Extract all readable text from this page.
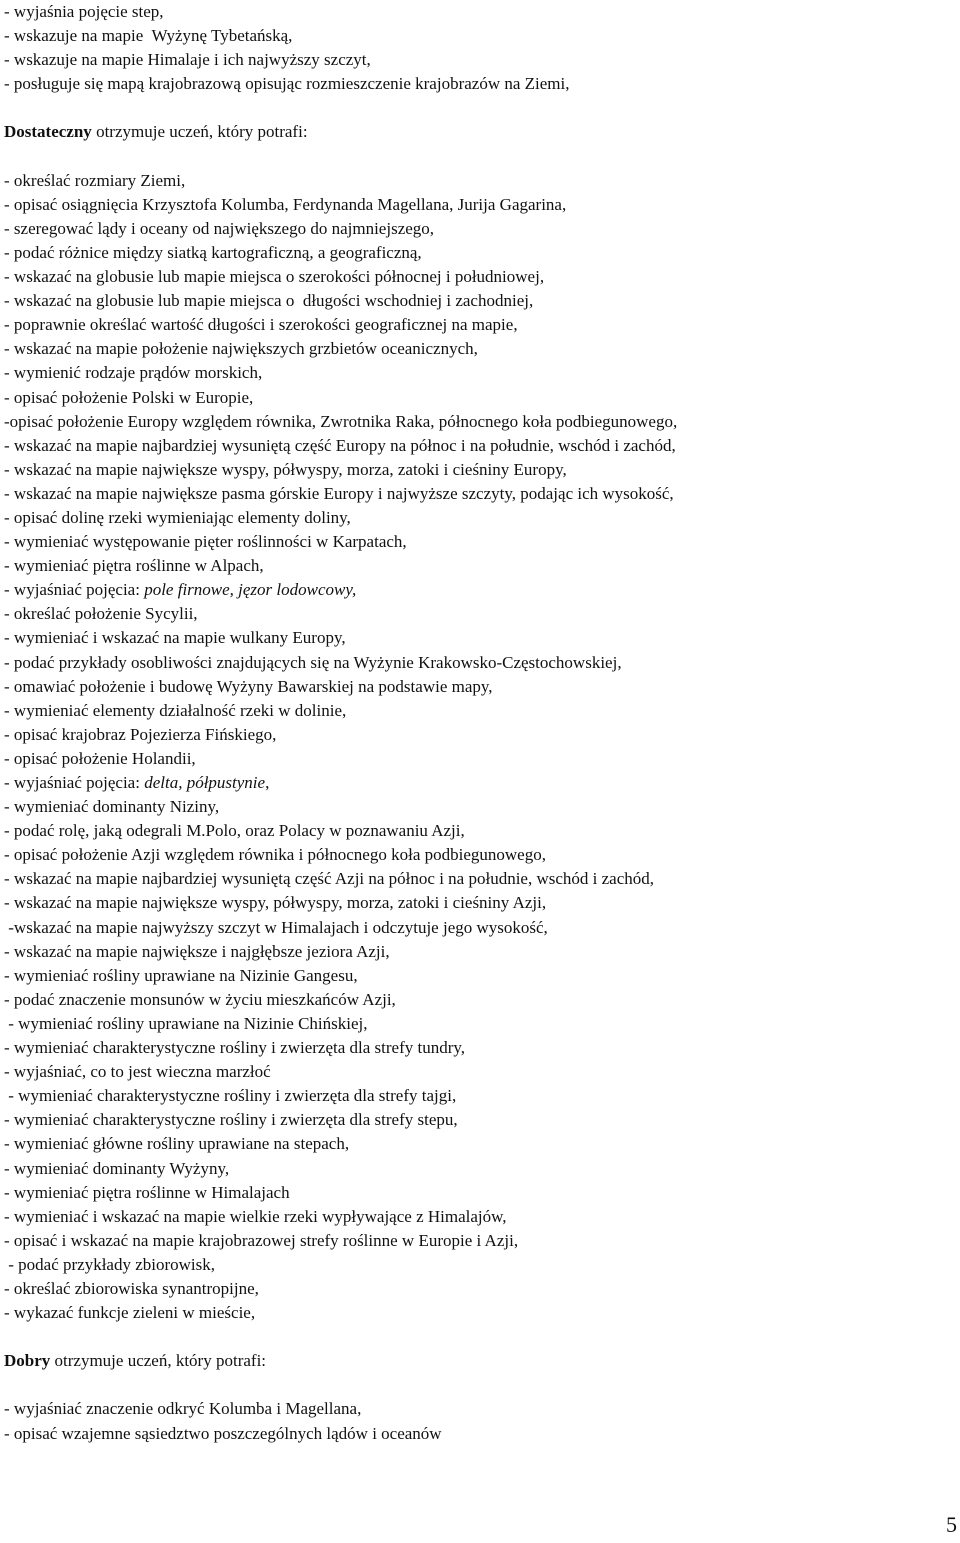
- wyjaśnia pojęcie step,
- wskazuje na mapie  Wyżynę Tybetańską,
- wskazuje na mapie Himalaje i ich najwyższy szczyt,
- posługuje się mapą krajobrazową opisując rozmieszczenie krajobrazów na Ziemi,
Dostateczny otrzymuje uczeń, który potrafi:
- określać rozmiary Ziemi,
- opisać osiągnięcia Krzysztofa Kolumba, Ferdynanda Magellana, Jurija Gagarina,
- szeregować lądy i oceany od największego do najmniejszego,
- podać różnice między siatką kartograficzną, a geograficzną,
- wskazać na globusie lub mapie miejsca o szerokości północnej i południowej,
- wskazać na globusie lub mapie miejsca o  długości wschodniej i zachodniej,
- poprawnie określać wartość długości i szerokości geograficznej na mapie,
- wskazać na mapie położenie największych grzbietów oceanicznych,
- wymienić rodzaje prądów morskich,
- opisać położenie Polski w Europie,
-opisać położenie Europy względem równika, Zwrotnika Raka, północnego koła podbiegunowego,
- wskazać na mapie najbardziej wysuniętą część Europy na północ i na południe, wschód i zachód,
- wskazać na mapie największe wyspy, półwyspy, morza, zatoki i cieśniny Europy,
- wskazać na mapie największe pasma górskie Europy i najwyższe szczyty, podając ich wysokość,
- opisać dolinę rzeki wymieniając elementy doliny,
- wymieniać występowanie pięter roślinności w Karpatach,
- wymieniać piętra roślinne w Alpach,
- wyjaśniać pojęcia: pole firnowe, jęzor lodowcowy,
- określać położenie Sycylii,
- wymieniać i wskazać na mapie wulkany Europy,
- podać przykłady osobliwości znajdujących się na Wyżynie Krakowsko-Częstochowskiej,
- omawiać położenie i budowę Wyżyny Bawarskiej na podstawie mapy,
- wymieniać elementy działalność rzeki w dolinie,
- opisać krajobraz Pojezierza Fińskiego,
- opisać położenie Holandii,
- wyjaśniać pojęcia: delta, półpustynie,
- wymieniać dominanty Niziny,
- podać rolę, jaką odegrali M.Polo, oraz Polacy w poznawaniu Azji,
- opisać położenie Azji względem równika i północnego koła podbiegunowego,
- wskazać na mapie najbardziej wysuniętą część Azji na północ i na południe, wschód i zachód,
- wskazać na mapie największe wyspy, półwyspy, morza, zatoki i cieśniny Azji,
-wskazać na mapie najwyższy szczyt w Himalajach i odczytuje jego wysokość,
- wskazać na mapie największe i najgłębsze jeziora Azji,
- wymieniać rośliny uprawiane na Nizinie Gangesu,
- podać znaczenie monsunów w życiu mieszkańców Azji,
- wymieniać rośliny uprawiane na Nizinie Chińskiej,
- wymieniać charakterystyczne rośliny i zwierzęta dla strefy tundry,
- wyjaśniać, co to jest wieczna marzłoć
- wymieniać charakterystyczne rośliny i zwierzęta dla strefy tajgi,
- wymieniać charakterystyczne rośliny i zwierzęta dla strefy stepu,
- wymieniać główne rośliny uprawiane na stepach,
- wymieniać dominanty Wyżyny,
- wymieniać piętra roślinne w Himalajach
- wymieniać i wskazać na mapie wielkie rzeki wypływające z Himalajów,
- opisać i wskazać na mapie krajobrazowej strefy roślinne w Europie i Azji,
- podać przykłady zbiorowisk,
- określać zbiorowiska synantropijne,
- wykazać funkcje zieleni w mieście,
Dobry otrzymuje uczeń, który potrafi:
- wyjaśniać znaczenie odkryć Kolumba i Magellana,
- opisać wzajemne sąsiedztwo poszczególnych lądów i oceanów
5
